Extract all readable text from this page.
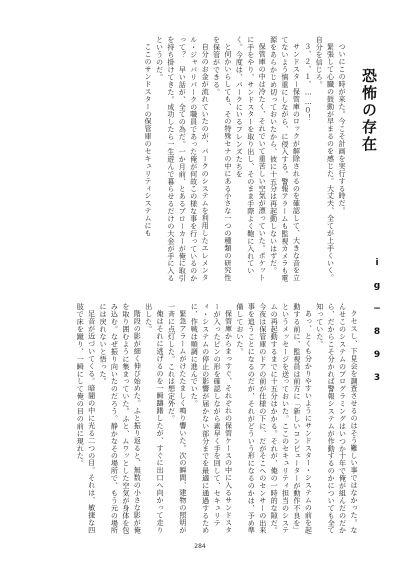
恐怖の存在
i g − 8 9 3

ついにこの時が来た。今こそ計画を実行する時だ。

緊張して心臓の鼓動が早まるのを感じた。大丈夫、全てが上手くいく。自分を信じろ。

３、２、１、……０！

サンドスター保管庫のロックが解除されるのを確認して、大きな音を立てないよう慎重にしながら、に侵入する。警報アラームも監視カメラも電源をあらかじめ切っておいたから、彼に十五分は再起動しないはずだ。

保管庫の中は冷たく、それでいて重苦しい空気が漂っていた。ポケットに手をやり、サンドスターを取り出し、そのまま手際よく鞄に入れていく。今度は、パークにいるフレンズたちを

と何かいらしても、その特殊セナの中にある小さな一つの種類の研究性を保管ができる。

自分のお金が流れていたのが、パークのシステムを利用したエレメンタル・ジャパリパークの職員であった俺が何故この様な事を行っているのかって？　早い話が、全ての為だ。一か月前、とあるブローカーが俺に取引を持ち掛けてきた。成功したら一生遊んで暮らせるだけの大金が手に入るというのだ。

ここのサンドスターの保管庫のセキュリティシステムにも

クセスし、下見会を調査させるのはそう難しい事ではなかった。なんせこのシステムのプログラミングはいつか十年で俺が組んだのだから、だからこそ分かれば警報システムが作動するのかについても全て知っていた。

あっ、とくも分かりやすいようにサンドスター・システムの前を起動する前に、監視員は前方に「新しいコンピューターが動作不良を」というメッセージを送っておいた。ここのセキュリティ担当のシステムの再起動するまでに十五分はかかる。それが、俺の一時的な隙だ。今夜は保管庫のドアの前が仕様の下に、だがそこへのセンサーの出来事を追うことになるのだが、それがどういう形になるのかは、予め準備しておいた。

保管庫からまっすぐ、それぞれの保管ケースの中に入るサンドスターが入ったピンの形を確認しながら素早く手を回して、セキュリティ・システムの停止の影響が届かない部分までを最適に通過するために、作戦は順調に進んでいた。

緊急アラームがけたたましく鳴り響いた。次の瞬間、建物の照明が一斉に点灯した。これは想定外だ。

俺はそれに逃げるのを一瞬躊躇したが、すぐに出口へ向かって走り出した。

階段の影が細く伸び始めた。ふと振り返ると、無数の小さな影が俺を取り囲むように集まっていた。ふと、ムワッとした空気が身体を包み込む。なぜ振り向いたのだろう。静かなその場所で、もう元の場所には戻れないと悟った。

足音が近づいてくる。暗闇の中に光る二つの目。それは、敏捷な四肢で床を蹴り、一瞬にして俺の目の前に現れた。

284
